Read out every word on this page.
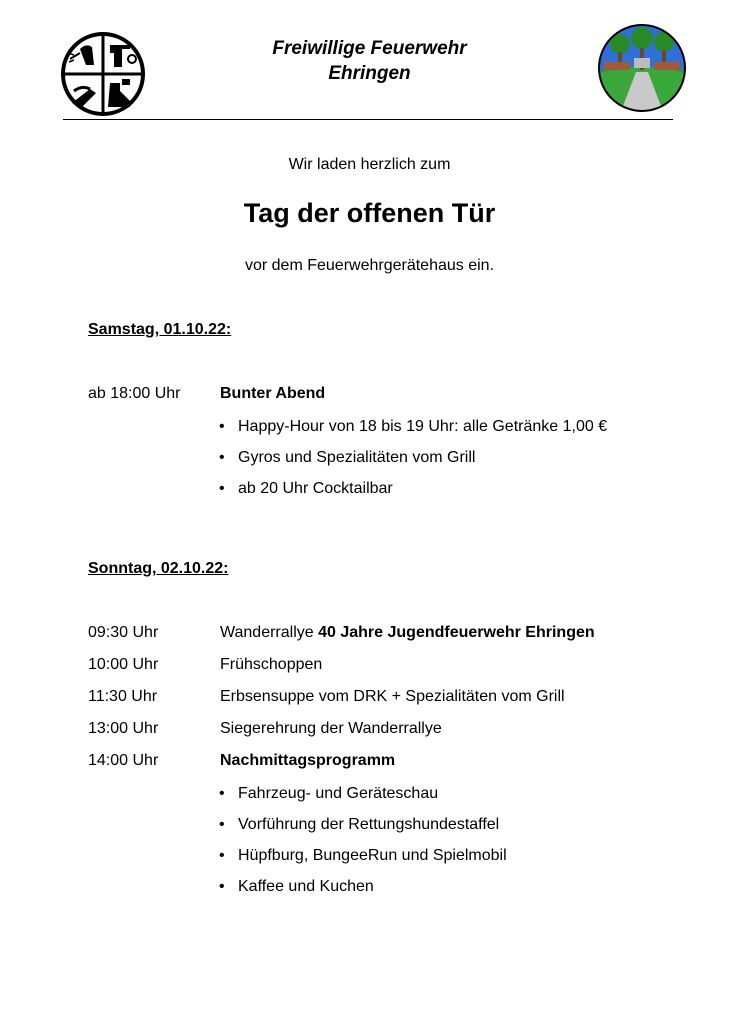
Freiwillige Feuerwehr
Ehringen
Wir laden herzlich zum
Tag der offenen Tür
vor dem Feuerwehrgerätehaus ein.
Samstag, 01.10.22:
ab 18:00 Uhr Bunter Abend
• Happy-Hour von 18 bis 19 Uhr: alle Getränke 1,00 €
• Gyros und Spezialitäten vom Grill
• ab 20 Uhr Cocktailbar
Sonntag, 02.10.22:
09:30 Uhr	Wanderrallye 40 Jahre Jugendfeuerwehr Ehringen
10:00 Uhr	Frühschoppen
11:30 Uhr	Erbsensuppe vom DRK + Spezialitäten vom Grill
13:00 Uhr	Siegerehrung der Wanderrallye
14:00 Uhr	Nachmittagsprogramm
• Fahrzeug- und Geräteschau
• Vorführung der Rettungshundestaffel
• Hüpfburg, BungeeRun und Spielmobil
• Kaffee und Kuchen
